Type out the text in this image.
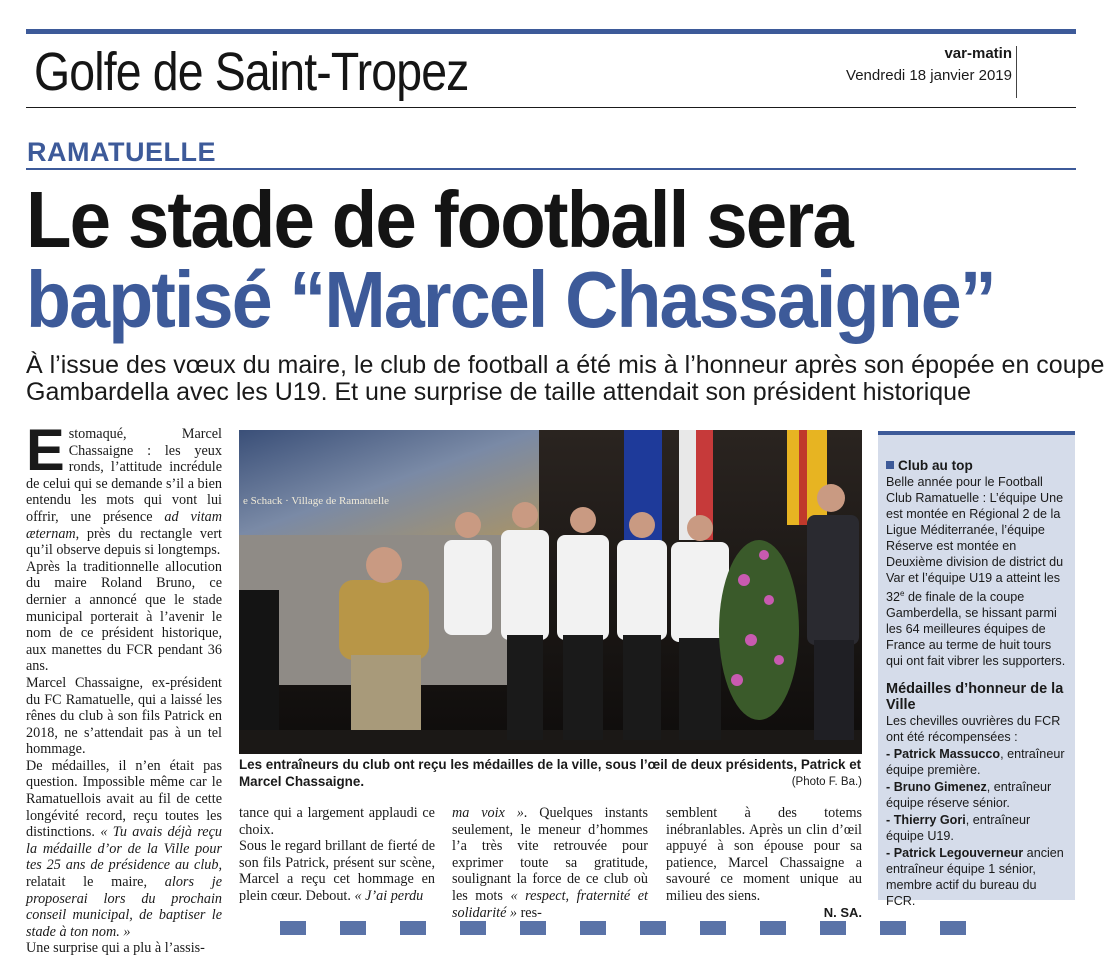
Golfe de Saint-Tropez	var-matin
Vendredi 18 janvier 2019
RAMATUELLE
Le stade de football sera
baptisé “Marcel Chassaigne”
À l’issue des vœux du maire, le club de football a été mis à l’honneur après son épopée en coupe Gambardella avec les U19. Et une surprise de taille attendait son président historique
E stomaqué, Marcel Chassaigne : les yeux ronds, l’attitude incrédule de celui qui se demande s’il a bien entendu les mots qui vont lui offrir, une présence ad vitam æternam, près du rectangle vert qu’il observe depuis si longtemps.

Après la traditionnelle allocution du maire Roland Bruno, ce dernier a annoncé que le stade municipal porterait à l’avenir le nom de ce président historique, aux manettes du FCR pendant 36 ans.

Marcel Chassaigne, ex-président du FC Ramatuelle, qui a laissé les rênes du club à son fils Patrick en 2018, ne s’attendait pas à un tel hommage.

De médailles, il n’en était pas question. Impossible même car le Ramatuellois avait au fil de cette longévité record, reçu toutes les distinctions. « Tu avais déjà reçu la médaille d’or de la Ville pour tes 25 ans de présidence au club, relatait le maire, alors je proposerai lors du prochain conseil municipal, de baptiser le stade à ton nom. »

Une surprise qui a plu à l’assis-

e Schack · Village de Ramatuelle
Les entraîneurs du club ont reçu les médailles de la ville, sous l’œil de deux présidents, Patrick et Marcel Chassaigne.	(Photo F. Ba.)
tance qui a largement applaudi ce choix.
Sous le regard brillant de fierté de son fils Patrick, présent sur scène, Marcel a reçu cet hommage en plein cœur. Debout. « J’ai perdu
ma voix ». Quelques instants seulement, le meneur d’hommes l’a très vite retrouvée pour exprimer toute sa gratitude, soulignant la force de ce club où les mots « respect, fraternité et solidarité » res-
semblent à des totems inébranlables. Après un clin d’œil appuyé à son épouse pour sa patience, Marcel Chassaigne a savouré ce moment unique au milieu des siens.
N. SA.
Club au top

Belle année pour le Football Club Ramatuelle : L’équipe Une est montée en Régional 2 de la Ligue Méditerranée, l’équipe Réserve est montée en Deuxième division de district du Var et l’équipe U19 a atteint les 32e de finale de la coupe Gamberdella, se hissant parmi les 64 meilleures équipes de France au terme de huit tours qui ont fait vibrer les supporters.

Médailles d’honneur de la Ville

Les chevilles ouvrières du FCR ont été récompensées :

- Patrick Massucco, entraîneur équipe première.
- Bruno Gimenez, entraîneur équipe réserve sénior.
- Thierry Gori, entraîneur équipe U19.
- Patrick Legouverneur ancien entraîneur équipe 1 sénior, membre actif du bureau du FCR.
